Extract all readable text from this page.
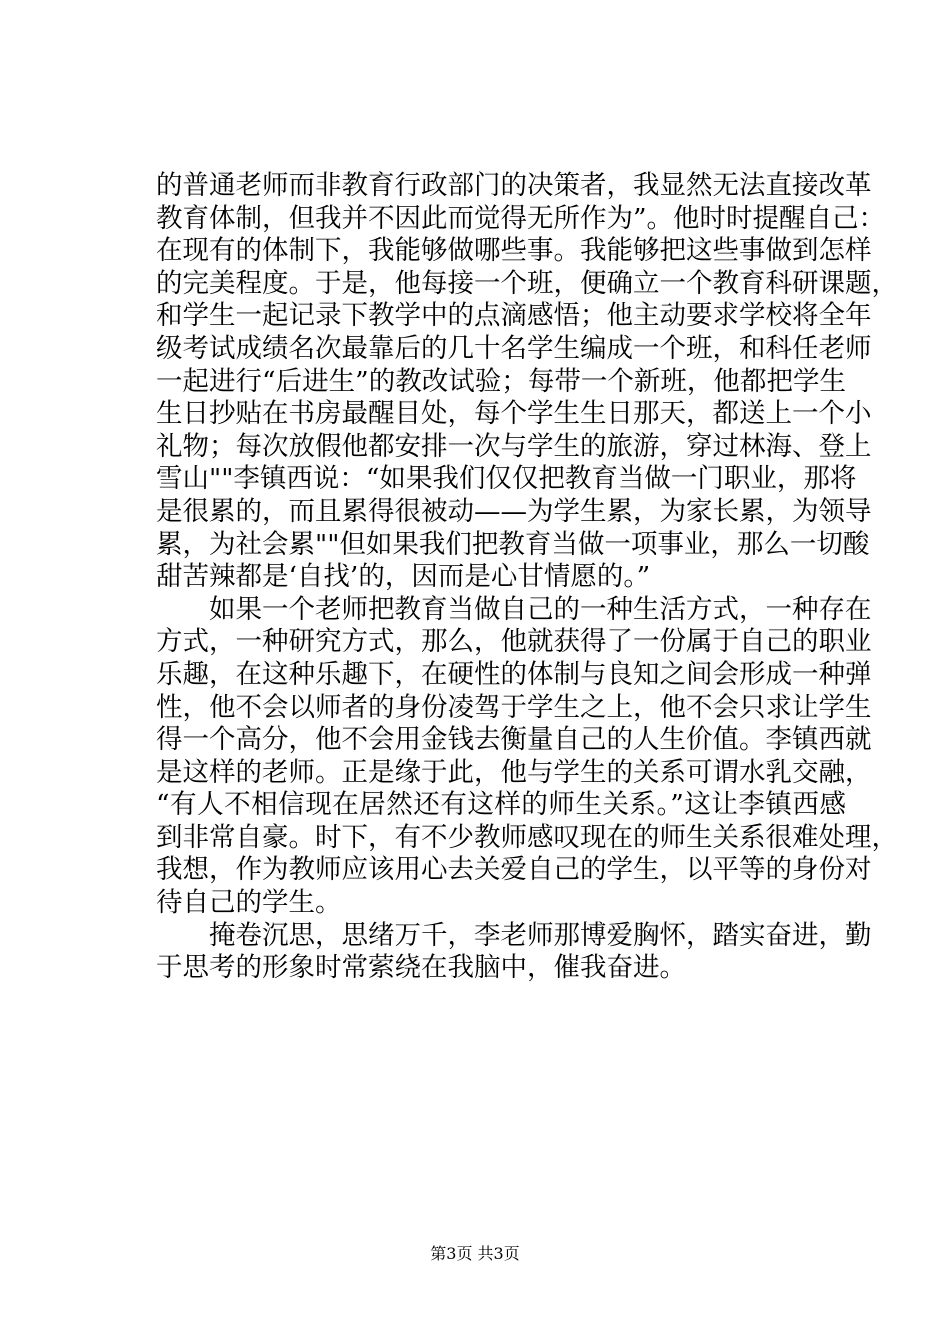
的普通老师而非教育行政部门的决策者，我显然无法直接改革
教育体制，但我并不因此而觉得无所作为”。他时时提醒自己：
在现有的体制下，我能够做哪些事。我能够把这些事做到怎样
的完美程度。于是，他每接一个班，便确立一个教育科研课题，
和学生一起记录下教学中的点滴感悟；他主动要求学校将全年
级考试成绩名次最靠后的几十名学生编成一个班，和科任老师
一起进行“后进生”的教改试验；每带一个新班，他都把学生
生日抄贴在书房最醒目处，每个学生生日那天，都送上一个小
礼物；每次放假他都安排一次与学生的旅游，穿过林海、登上
雪山""李镇西说：“如果我们仅仅把教育当做一门职业，那将
是很累的，而且累得很被动——为学生累，为家长累，为领导
累，为社会累""但如果我们把教育当做一项事业，那么一切酸
甜苦辣都是‘自找’的，因而是心甘情愿的。”
如果一个老师把教育当做自己的一种生活方式，一种存在
方式，一种研究方式，那么，他就获得了一份属于自己的职业
乐趣，在这种乐趣下，在硬性的体制与良知之间会形成一种弹
性，他不会以师者的身份凌驾于学生之上，他不会只求让学生
得一个高分，他不会用金钱去衡量自己的人生价值。李镇西就
是这样的老师。正是缘于此，他与学生的关系可谓水乳交融，
“有人不相信现在居然还有这样的师生关系。”这让李镇西感
到非常自豪。时下，有不少教师感叹现在的师生关系很难处理，
我想，作为教师应该用心去关爱自己的学生，以平等的身份对
待自己的学生。
掩卷沉思，思绪万千，李老师那博爱胸怀，踏实奋进，勤
于思考的形象时常萦绕在我脑中，催我奋进。
第3页 共3页
